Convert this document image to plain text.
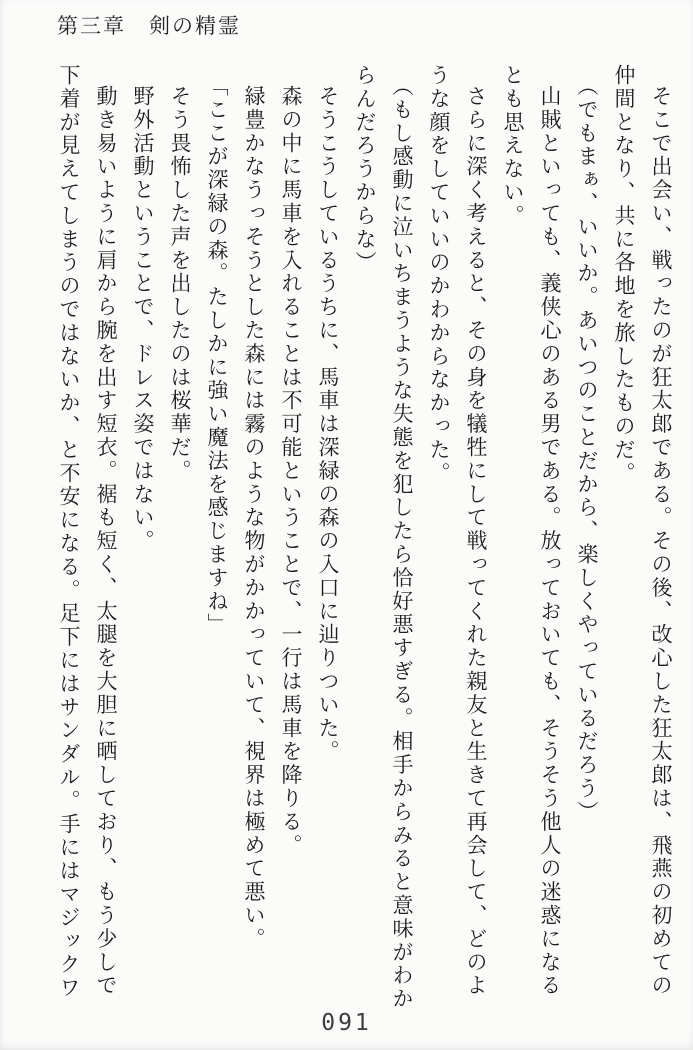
第三章　剣の精霊

そこで出会い、戦ったのが狂太郎である。その後、改心した狂太郎は、飛燕の初めての仲間となり、共に各地を旅したものだ。

（でもまぁ、いいか。あいつのことだから、楽しくやっているだろう）

山賊といっても、義侠心のある男である。放っておいても、そうそう他人の迷惑になるとも思えない。

さらに深く考えると、その身を犠牲にして戦ってくれた親友と生きて再会して、どのような顔をしていいのかわからなかった。

（もし感動に泣いちまうような失態を犯したら恰好悪すぎる。相手からみると意味がわからんだろうからな）

そうこうしているうちに、馬車は深緑の森の入口に辿りついた。

森の中に馬車を入れることは不可能ということで、一行は馬車を降りる。

緑豊かなうっそうとした森には霧のような物がかかっていて、視界は極めて悪い。

「ここが深緑の森。たしかに強い魔法を感じますね」

そう畏怖した声を出したのは桜華だ。

野外活動ということで、ドレス姿ではない。

動き易いように肩から腕を出す短衣。裾も短く、太腿を大胆に晒しており、もう少しで下着が見えてしまうのではないか、と不安になる。足下にはサンダル。手にはマジックワ

091
